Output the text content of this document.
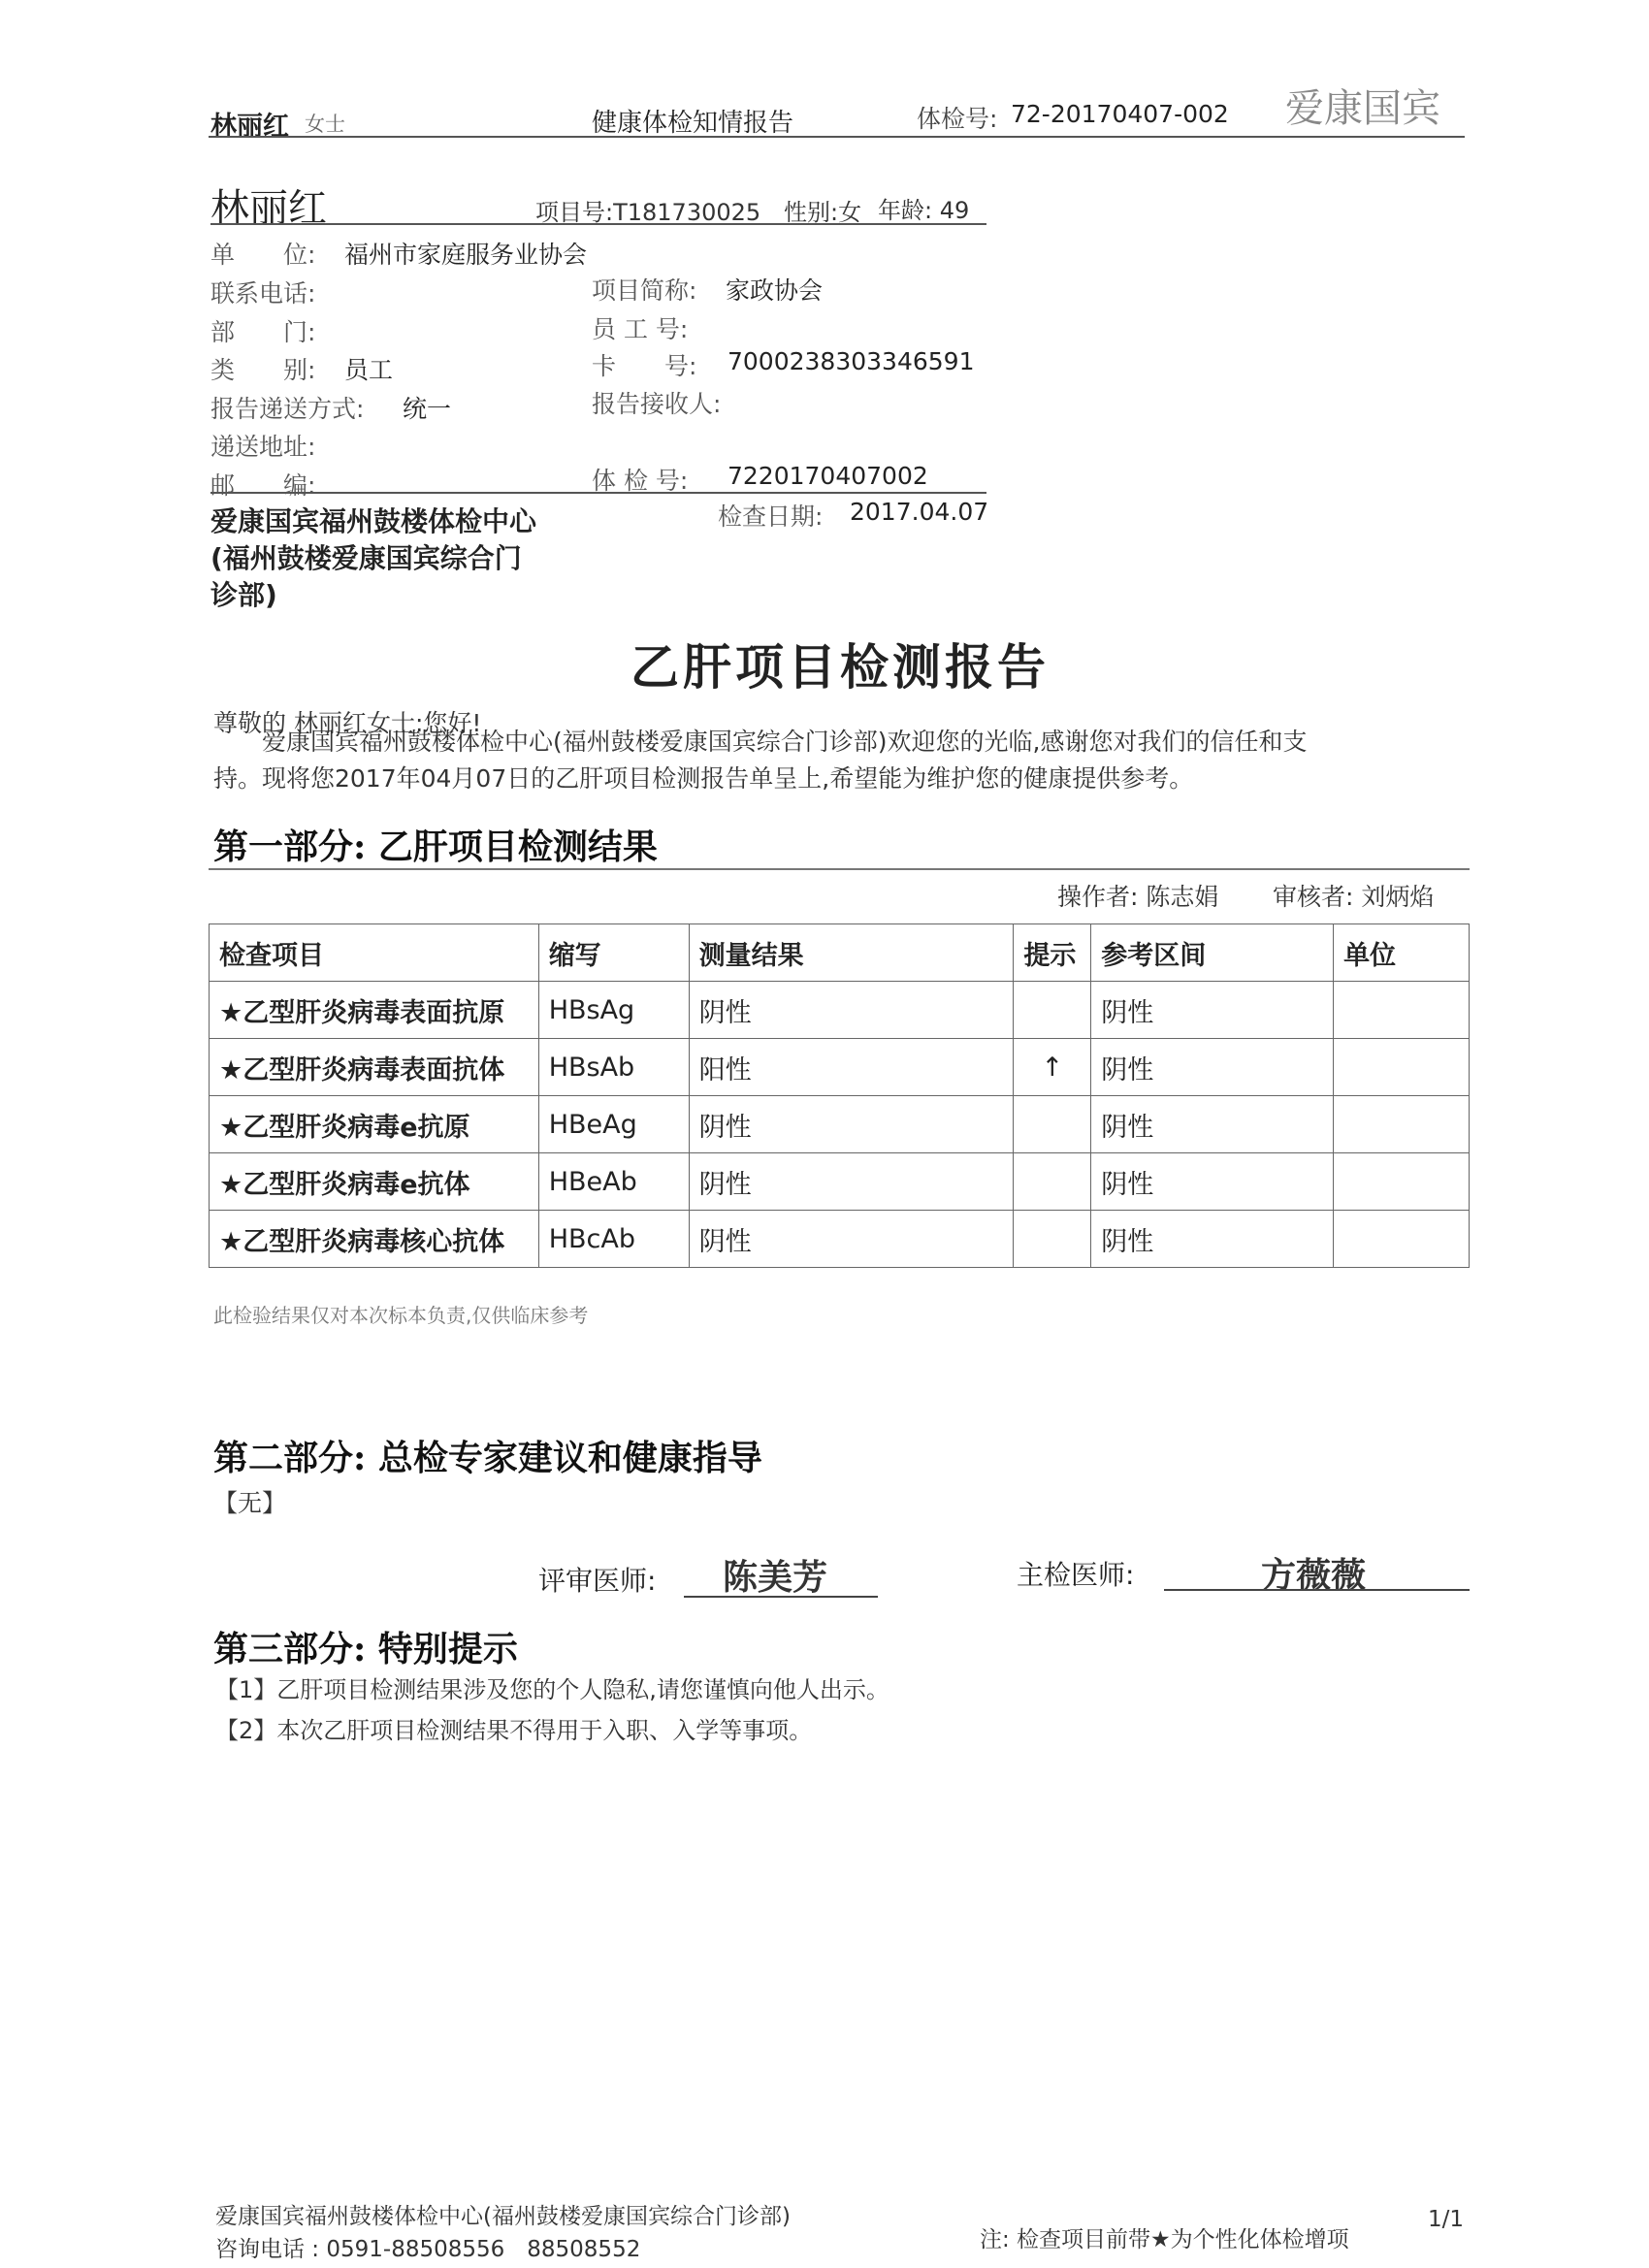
林丽红 女士	健康体检知情报告	体检号: 72-20170407-002 爱康国宾
林丽红	项目号:T181730025 性别:女 年龄: 49
单　　位: 福州市家庭服务业协会
联系电话:
部　　门:
类　　别: 员工
报告递送方式: 统一
递送地址:
邮　　编:
项目简称: 家政协会
员 工 号:
卡　　号: 7000238303346591
报告接收人:
体 检 号: 7220170407002
爱康国宾福州鼓楼体检中心
(福州鼓楼爱康国宾综合门
诊部)
检查日期: 2017.04.07
乙肝项目检测报告
尊敬的 林丽红女士:您好!
爱康国宾福州鼓楼体检中心(福州鼓楼爱康国宾综合门诊部)欢迎您的光临,感谢您对我们的信任和支
持。现将您2017年04月07日的乙肝项目检测报告单呈上,希望能为维护您的健康提供参考。
第一部分: 乙肝项目检测结果
操作者: 陈志娟 审核者: 刘炳焰
检查项目	缩写	测量结果	提示	参考区间	单位
★乙型肝炎病毒表面抗原	HBsAg	阴性		阴性	
★乙型肝炎病毒表面抗体	HBsAb	阳性	↑	阴性	
★乙型肝炎病毒e抗原	HBeAg	阴性		阴性	
★乙型肝炎病毒e抗体	HBeAb	阴性		阴性	
★乙型肝炎病毒核心抗体	HBcAb	阴性		阴性	
此检验结果仅对本次标本负责,仅供临床参考
第二部分: 总检专家建议和健康指导
【无】
评审医师: 陈美芳	主检医师:	方薇薇
第三部分: 特别提示
【1】乙肝项目检测结果涉及您的个人隐私,请您谨慎向他人出示。
【2】本次乙肝项目检测结果不得用于入职、入学等事项。
爱康国宾福州鼓楼体检中心(福州鼓楼爱康国宾综合门诊部)
咨询电话 : 0591-88508556　88508552	注: 检查项目前带★为个性化体检增项
1/1
